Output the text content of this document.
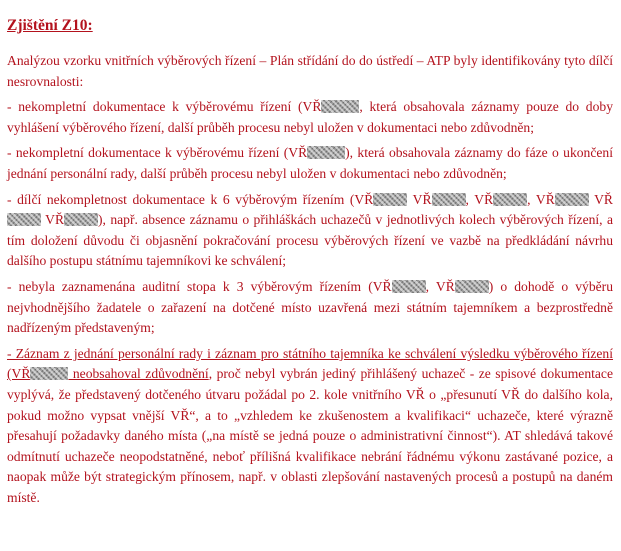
Zjištění Z10:

Analýzou vzorku vnitřních výběrových řízení – Plán střídání do do ústředí – ATP byly identifikovány tyto dílčí nesrovnalosti:

- nekompletní dokumentace k výběrovému řízení (VŘ	, která obsahovala záznamy pouze do doby vyhlášení výběrového řízení, další průběh procesu nebyl uložen v dokumentaci nebo zdůvodněn;

- nekompletní dokumentace k výběrovému řízení (VŘ	), která obsahovala záznamy do fáze o ukončení jednání personální rady, další průběh procesu nebyl uložen v dokumentaci nebo zdůvodněn;

- dílčí nekompletnost dokumentace k 6 výběrovým řízením (VŘ	VŘ	, VŘ	, VŘ	VŘ VŘ	), např. absence záznamu o přihláškách uchazečů v jednotlivých kolech výběrových řízení, a tím doložení důvodu či objasnění pokračování procesu výběrových řízení ve vazbě na předkládání návrhu dalšího postupu státnímu tajemníkovi ke schválení;

- nebyla zaznamenána auditní stopa k 3 výběrovým řízením (VŘ	, VŘ	) o dohodě o výběru nejvhodnějšího žadatele o zařazení na dotčené místo uzavřená mezi státním tajemníkem a bezprostředně nadřízeným představeným;

- Záznam z jednání personální rady i záznam pro státního tajemníka ke schválení výsledku výběrového řízení (VŘ	neobsahoval zdůvodnění, proč nebyl vybrán jediný přihlášený uchazeč - ze spisové dokumentace vyplývá, že představený dotčeného útvaru požádal po 2. kole vnitřního VŘ o „přesunutí VŘ do dalšího kola, pokud možno vypsat vnější VŘ“, a to „vzhledem ke zkušenostem a kvalifikaci“ uchazeče, které výrazně přesahují požadavky daného místa („na místě se jedná pouze o administrativní činnost“). AT shledává takové odmítnutí uchazeče neopodstatněné, neboť přílišná kvalifikace nebrání řádnému výkonu zastávané pozice, a naopak může být strategickým přínosem, např. v oblasti zlepšování nastavených procesů a postupů na daném místě.
